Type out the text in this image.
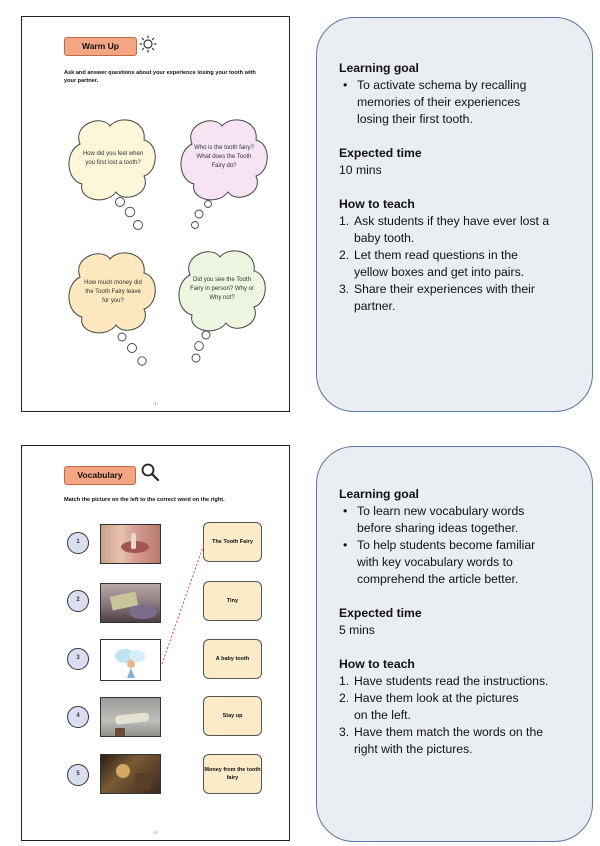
Warm Up
Ask and answer questions about your experience losing your tooth with your partner.
How did you feel when you first lost a tooth?
Who is the tooth fairy? What does the Tooth Fairy do?
How much money did the Tooth Fairy leave for you?
Did you see the Tooth Fairy in person? Why or Why not?
-1-
Vocabulary
Match the picture on the left to the correct word on the right.
1	The Tooth Fairy
2	Tiny
3	A baby tooth
4	Stay up
5
Money from the tooth fairy
-2-

Learning goal

• To activate schema by recalling
memories of their experiences
losing their first tooth.

Expected time

10 mins

How to teach

1. Ask students if they have ever lost a
baby tooth.
2. Let them read questions in the
yellow boxes and get into pairs.
3. Share their experiences with their
partner.

Learning goal

• To learn new vocabulary words
before sharing ideas together.
• To help students become familiar
with key vocabulary words to
comprehend the article better.

Expected time

5 mins

How to teach

1. Have students read the instructions.
2. Have them look at the pictures
on the left.
3. Have them match the words on the
right with the pictures.
